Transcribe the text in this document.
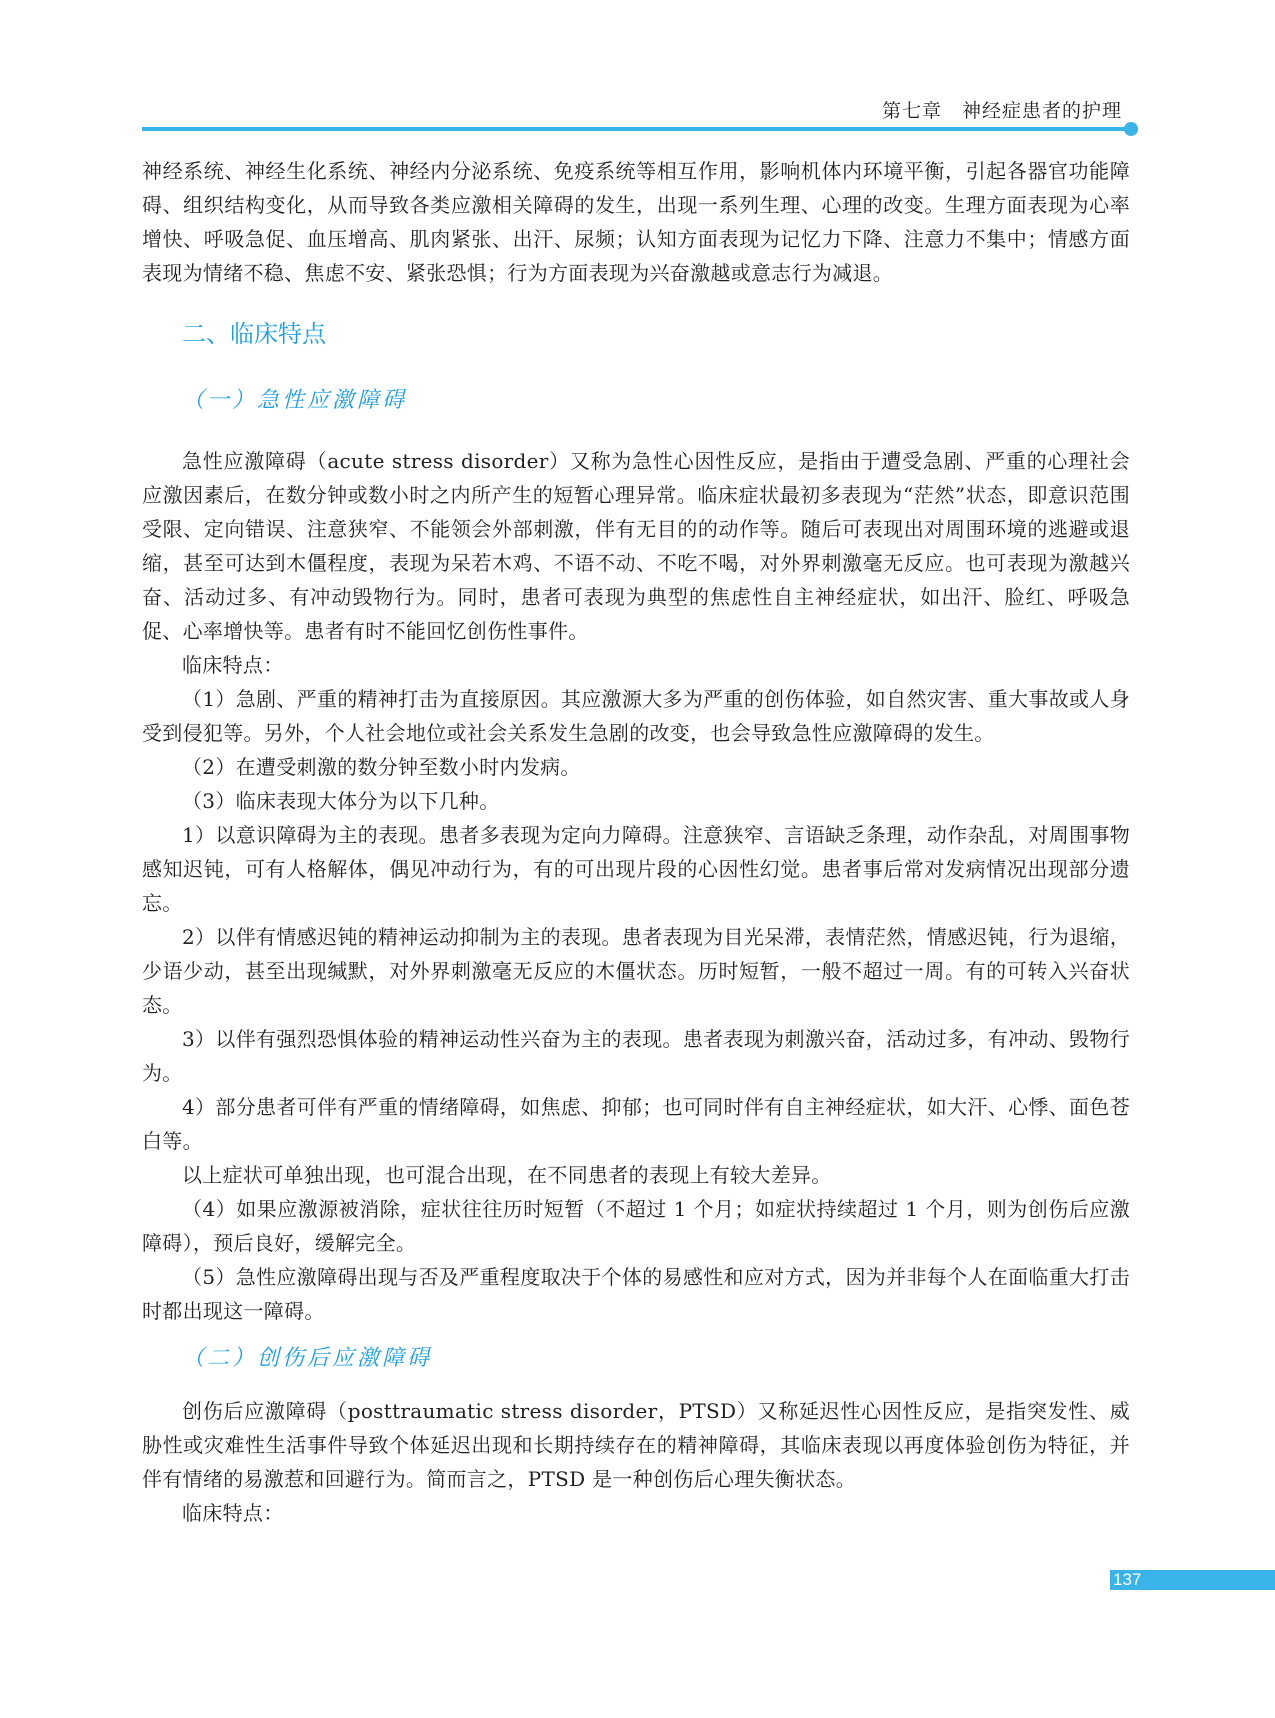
第七章　神经症患者的护理

神经系统、神经生化系统、神经内分泌系统、免疫系统等相互作用，影响机体内环境平衡，引起各器官功能障碍、组织结构变化，从而导致各类应激相关障碍的发生，出现一系列生理、心理的改变。生理方面表现为心率增快、呼吸急促、血压增高、肌肉紧张、出汗、尿频；认知方面表现为记忆力下降、注意力不集中；情感方面表现为情绪不稳、焦虑不安、紧张恐惧；行为方面表现为兴奋激越或意志行为减退。

二、临床特点
（一）急性应激障碍

急性应激障碍（acute stress disorder）又称为急性心因性反应，是指由于遭受急剧、严重的心理社会应激因素后，在数分钟或数小时之内所产生的短暂心理异常。临床症状最初多表现为“茫然”状态，即意识范围受限、定向错误、注意狭窄、不能领会外部刺激，伴有无目的的动作等。随后可表现出对周围环境的逃避或退缩，甚至可达到木僵程度，表现为呆若木鸡、不语不动、不吃不喝，对外界刺激毫无反应。也可表现为激越兴奋、活动过多、有冲动毁物行为。同时，患者可表现为典型的焦虑性自主神经症状，如出汗、脸红、呼吸急促、心率增快等。患者有时不能回忆创伤性事件。

临床特点：

（1）急剧、严重的精神打击为直接原因。其应激源大多为严重的创伤体验，如自然灾害、重大事故或人身受到侵犯等。另外，个人社会地位或社会关系发生急剧的改变，也会导致急性应激障碍的发生。

（2）在遭受刺激的数分钟至数小时内发病。

（3）临床表现大体分为以下几种。

1）以意识障碍为主的表现。患者多表现为定向力障碍。注意狭窄、言语缺乏条理，动作杂乱，对周围事物感知迟钝，可有人格解体，偶见冲动行为，有的可出现片段的心因性幻觉。患者事后常对发病情况出现部分遗忘。

2）以伴有情感迟钝的精神运动抑制为主的表现。患者表现为目光呆滞，表情茫然，情感迟钝，行为退缩，少语少动，甚至出现缄默，对外界刺激毫无反应的木僵状态。历时短暂，一般不超过一周。有的可转入兴奋状态。

3）以伴有强烈恐惧体验的精神运动性兴奋为主的表现。患者表现为刺激兴奋，活动过多，有冲动、毁物行为。

4）部分患者可伴有严重的情绪障碍，如焦虑、抑郁；也可同时伴有自主神经症状，如大汗、心悸、面色苍白等。

以上症状可单独出现，也可混合出现，在不同患者的表现上有较大差异。

（4）如果应激源被消除，症状往往历时短暂（不超过 1 个月；如症状持续超过 1 个月，则为创伤后应激障碍），预后良好，缓解完全。

（5）急性应激障碍出现与否及严重程度取决于个体的易感性和应对方式，因为并非每个人在面临重大打击时都出现这一障碍。

（二）创伤后应激障碍

创伤后应激障碍（posttraumatic stress disorder，PTSD）又称延迟性心因性反应，是指突发性、威胁性或灾难性生活事件导致个体延迟出现和长期持续存在的精神障碍，其临床表现以再度体验创伤为特征，并伴有情绪的易激惹和回避行为。简而言之，PTSD 是一种创伤后心理失衡状态。

临床特点：

137
